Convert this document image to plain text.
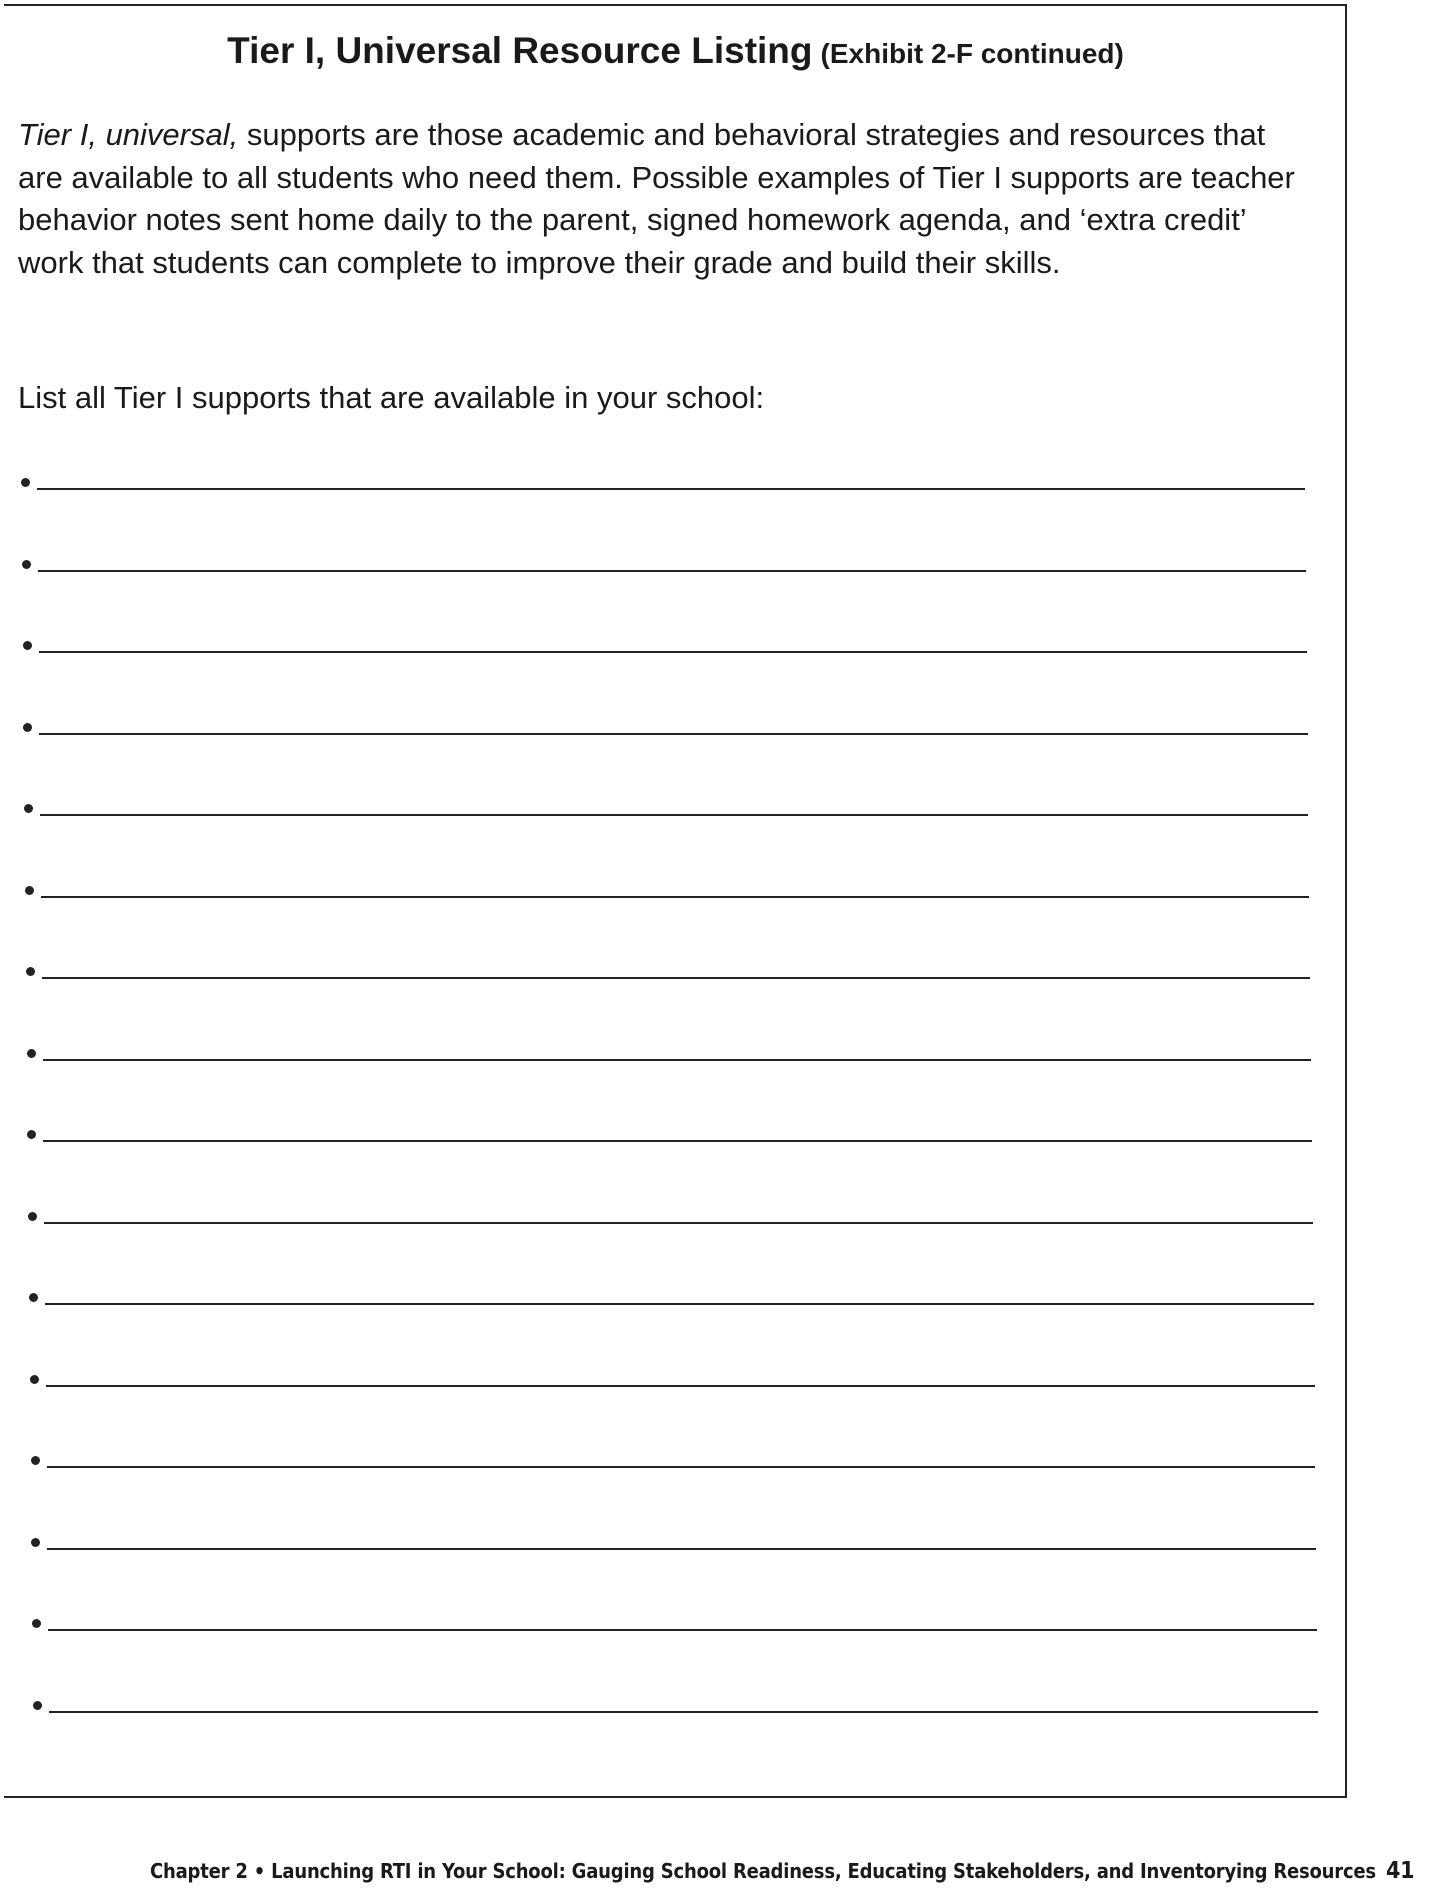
Tier I, Universal Resource Listing (Exhibit 2-F continued)

Tier I, universal, supports are those academic and behavioral strategies and resources that are available to all students who need them. Possible examples of Tier I supports are teacher behavior notes sent home daily to the parent, signed homework agenda, and ‘extra credit’ work that students can complete to improve their grade and build their skills.

List all Tier I supports that are available in your school:

Chapter 2 • Launching RTI in Your School: Gauging School Readiness, Educating Stakeholders, and Inventorying Resources 41
